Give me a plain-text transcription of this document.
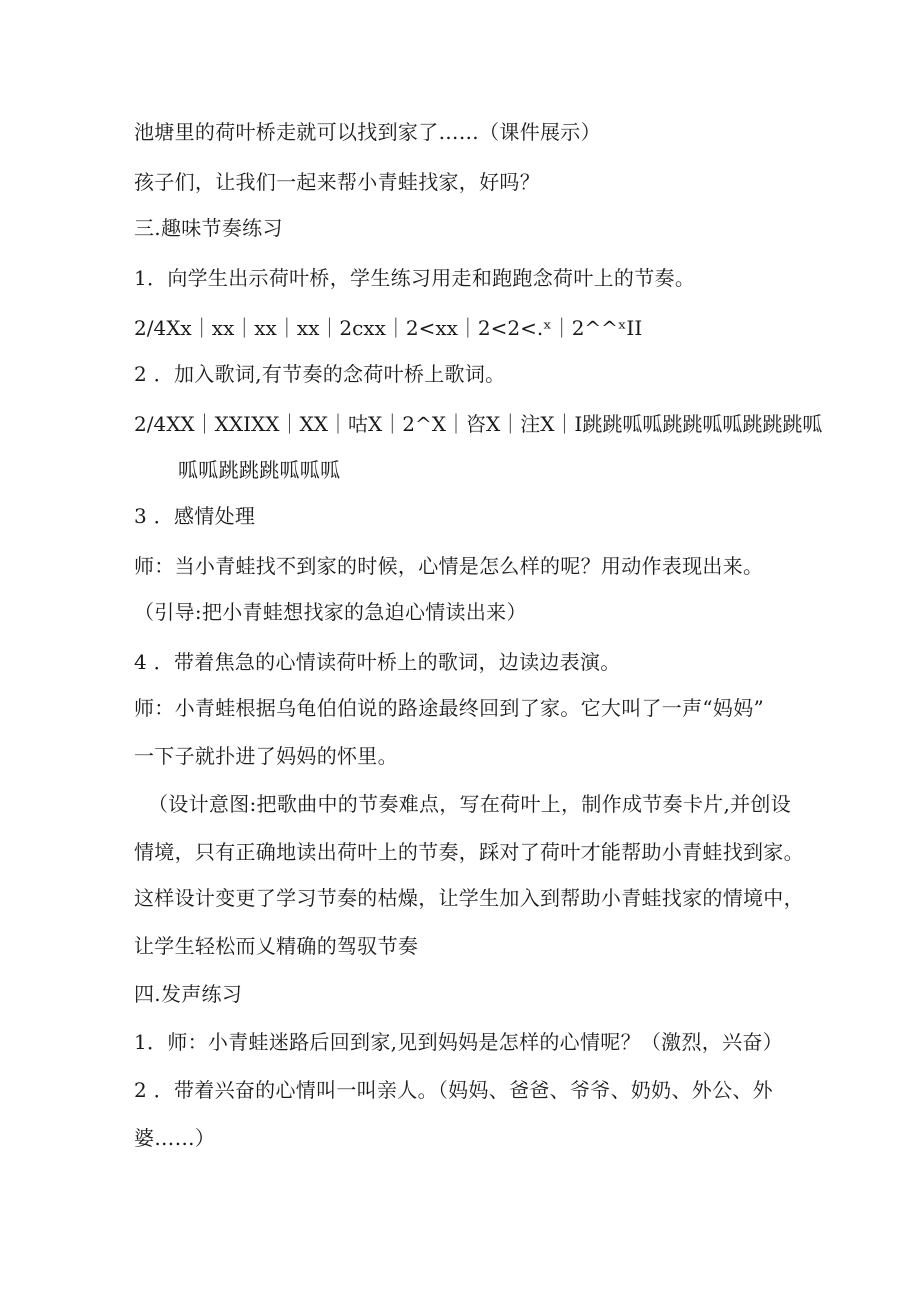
池塘里的荷叶桥走就可以找到家了……（课件展示）
孩子们，让我们一起来帮小青蛙找家，好吗？
三.趣味节奏练习
1．向学生出示荷叶桥，学生练习用走和跑跑念荷叶上的节奏。
2/4Xx｜xx｜xx｜xx｜2cxx｜2<xx｜2<2<.ˣ｜2^^ˣII
2 ．加入歌词,有节奏的念荷叶桥上歌词。
2/4XX｜XXIXX｜XX｜咕X｜2^X｜咨X｜注X｜I跳跳呱呱跳跳呱呱跳跳跳呱
呱呱跳跳跳呱呱呱
3 ．感情处理
师：当小青蛙找不到家的时候，心情是怎么样的呢？用动作表现出来。
（引导:把小青蛙想找家的急迫心情读出来）
4 ．带着焦急的心情读荷叶桥上的歌词，边读边表演。
师：小青蛙根据乌龟伯伯说的路途最终回到了家。它大叫了一声“妈妈”
一下子就扑进了妈妈的怀里。
（设计意图:把歌曲中的节奏难点，写在荷叶上，制作成节奏卡片,并创设
情境，只有正确地读出荷叶上的节奏，踩对了荷叶才能帮助小青蛙找到家。
这样设计变更了学习节奏的枯燥，让学生加入到帮助小青蛙找家的情境中，
让学生轻松而乂精确的驾驭节奏
四.发声练习
1．师：小青蛙迷路后回到家,见到妈妈是怎样的心情呢？（激烈，兴奋）
2 ．带着兴奋的心情叫一叫亲人。（妈妈、爸爸、爷爷、奶奶、外公、外
婆……）
